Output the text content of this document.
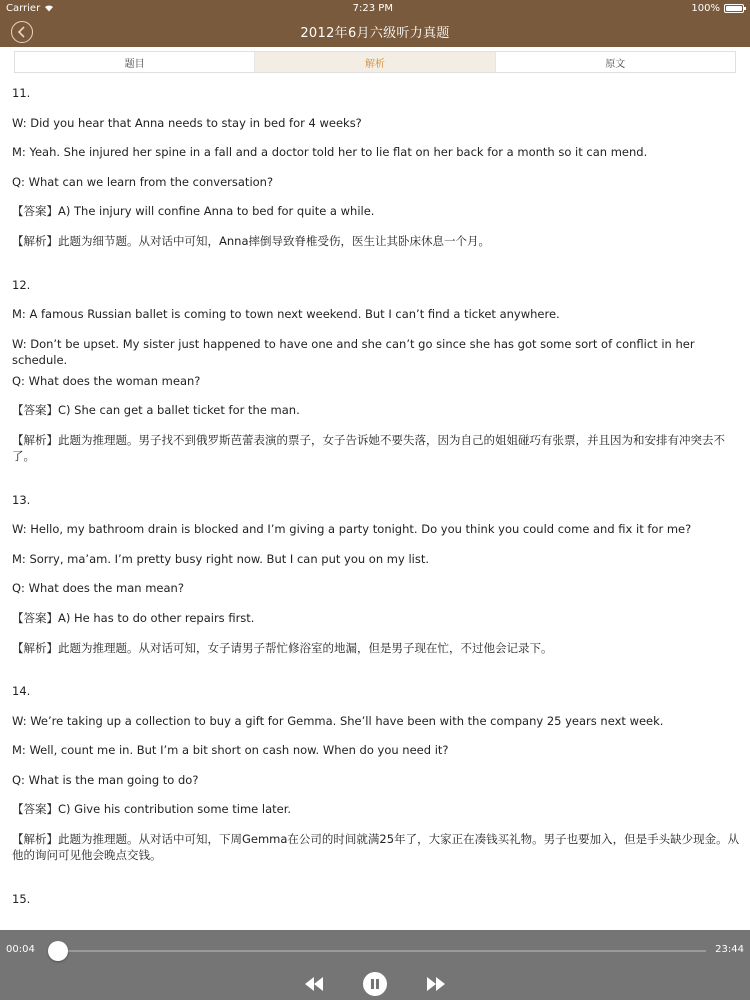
Carrier	7:23 PM	100%
2012年6月六级听力真题
题目	解析	原文
11.
W: Did you hear that Anna needs to stay in bed for 4 weeks?
M: Yeah. She injured her spine in a fall and a doctor told her to lie flat on her back for a month so it can mend.
Q: What can we learn from the conversation?
【答案】A) The injury will confine Anna to bed for quite a while.
【解析】此题为细节题。从对话中可知，Anna摔倒导致脊椎受伤，医生让其卧床休息一个月。
12.
M: A famous Russian ballet is coming to town next weekend. But I can’t find a ticket anywhere.
W: Don’t be upset. My sister just happened to have one and she can’t go since she has got some sort of conflict in her schedule.
Q: What does the woman mean?
【答案】C) She can get a ballet ticket for the man.
【解析】此题为推理题。男子找不到俄罗斯芭蕾表演的票子，女子告诉她不要失落，因为自己的姐姐碰巧有张票，并且因为和安排有冲突去不了。
13.
W: Hello, my bathroom drain is blocked and I’m giving a party tonight. Do you think you could come and fix it for me?
M: Sorry, ma’am. I’m pretty busy right now. But I can put you on my list.
Q: What does the man mean?
【答案】A) He has to do other repairs first.
【解析】此题为推理题。从对话可知，女子请男子帮忙修浴室的地漏，但是男子现在忙，不过他会记录下。
14.
W: We’re taking up a collection to buy a gift for Gemma. She’ll have been with the company 25 years next week.
M: Well, count me in. But I’m a bit short on cash now. When do you need it?
Q: What is the man going to do?
【答案】C) Give his contribution some time later.
【解析】此题为推理题。从对话中可知，下周Gemma在公司的时间就满25年了，大家正在凑钱买礼物。男子也要加入，但是手头缺少现金。从他的询问可见他会晚点交钱。
15.
00:04	23:44
